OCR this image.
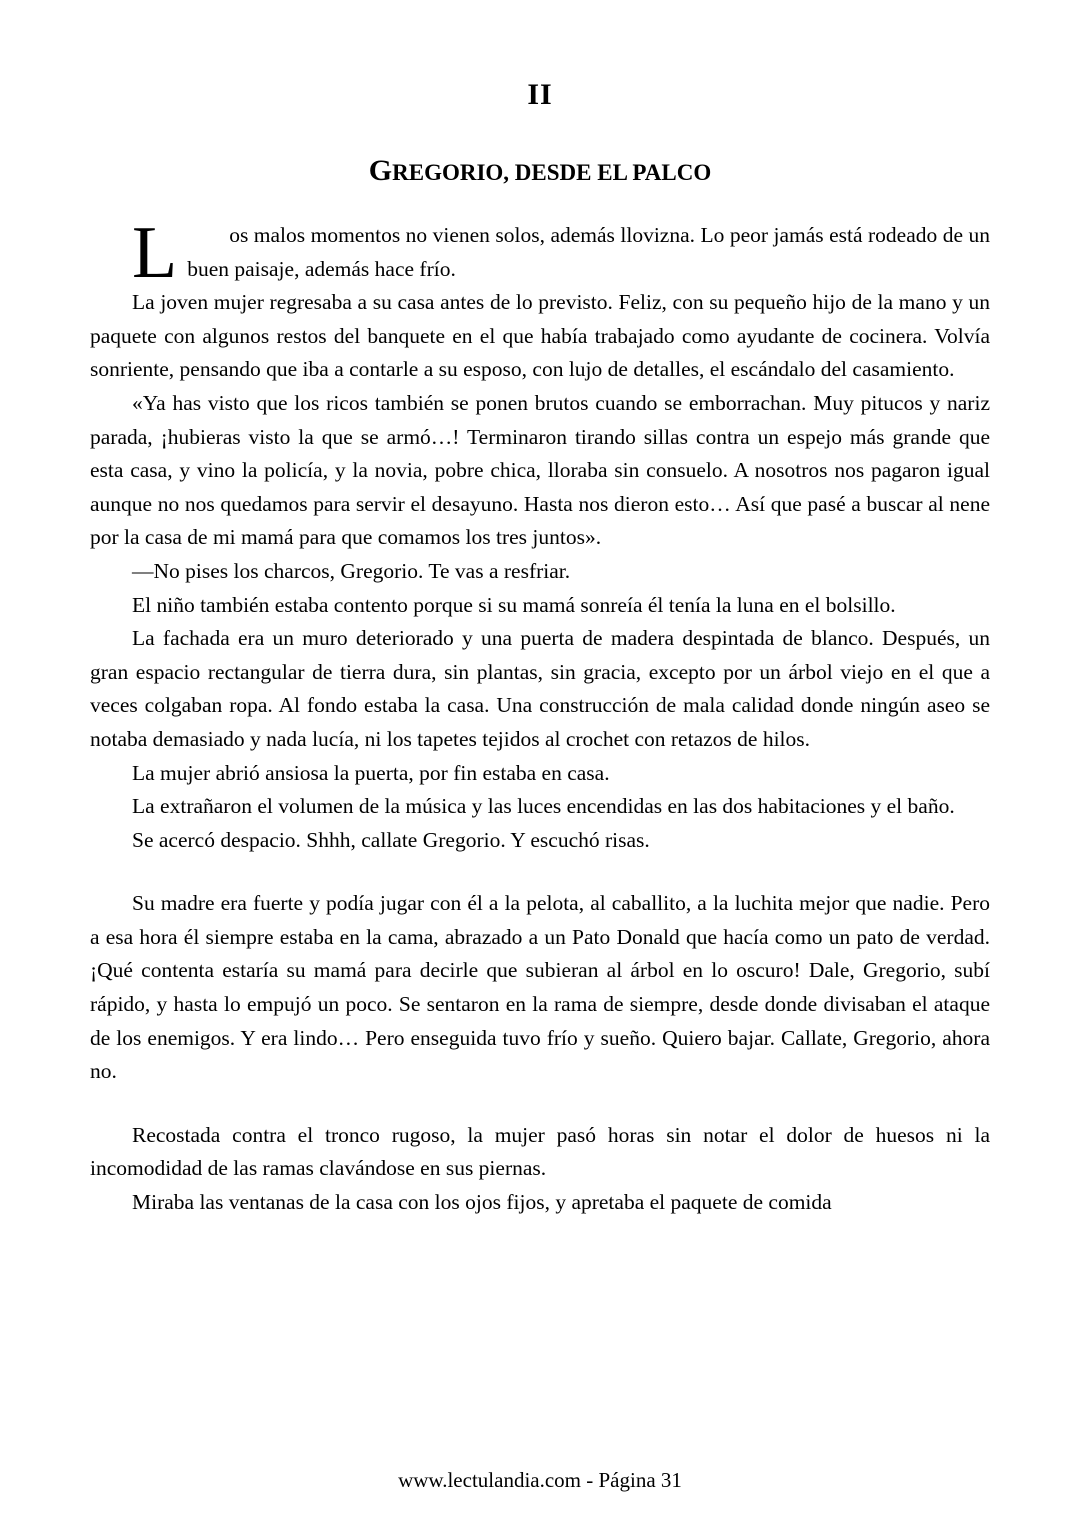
II
GREGORIO, DESDE EL PALCO

L	os malos momentos no vienen solos, además llovizna. Lo peor jamás está rodeado de un buen paisaje, además hace frío.

La joven mujer regresaba a su casa antes de lo previsto. Feliz, con su pequeño hijo de la mano y un paquete con algunos restos del banquete en el que había trabajado como ayudante de cocinera. Volvía sonriente, pensando que iba a contarle a su esposo, con lujo de detalles, el escándalo del casamiento.

«Ya has visto que los ricos también se ponen brutos cuando se emborrachan. Muy pitucos y nariz parada, ¡hubieras visto la que se armó…! Terminaron tirando sillas contra un espejo más grande que esta casa, y vino la policía, y la novia, pobre chica, lloraba sin consuelo. A nosotros nos pagaron igual aunque no nos quedamos para servir el desayuno. Hasta nos dieron esto… Así que pasé a buscar al nene por la casa de mi mamá para que comamos los tres juntos».

—No pises los charcos, Gregorio. Te vas a resfriar.

El niño también estaba contento porque si su mamá sonreía él tenía la luna en el bolsillo.

La fachada era un muro deteriorado y una puerta de madera despintada de blanco. Después, un gran espacio rectangular de tierra dura, sin plantas, sin gracia, excepto por un árbol viejo en el que a veces colgaban ropa. Al fondo estaba la casa. Una construcción de mala calidad donde ningún aseo se notaba demasiado y nada lucía, ni los tapetes tejidos al crochet con retazos de hilos.

La mujer abrió ansiosa la puerta, por fin estaba en casa.

La extrañaron el volumen de la música y las luces encendidas en las dos habitaciones y el baño.

Se acercó despacio. Shhh, callate Gregorio. Y escuchó risas.

Su madre era fuerte y podía jugar con él a la pelota, al caballito, a la luchita mejor que nadie. Pero a esa hora él siempre estaba en la cama, abrazado a un Pato Donald que hacía como un pato de verdad. ¡Qué contenta estaría su mamá para decirle que subieran al árbol en lo oscuro! Dale, Gregorio, subí rápido, y hasta lo empujó un poco. Se sentaron en la rama de siempre, desde donde divisaban el ataque de los enemigos. Y era lindo… Pero enseguida tuvo frío y sueño. Quiero bajar. Callate, Gregorio, ahora no.

Recostada contra el tronco rugoso, la mujer pasó horas sin notar el dolor de huesos ni la incomodidad de las ramas clavándose en sus piernas.

Miraba las ventanas de la casa con los ojos fijos, y apretaba el paquete de comida

www.lectulandia.com - Página 31
